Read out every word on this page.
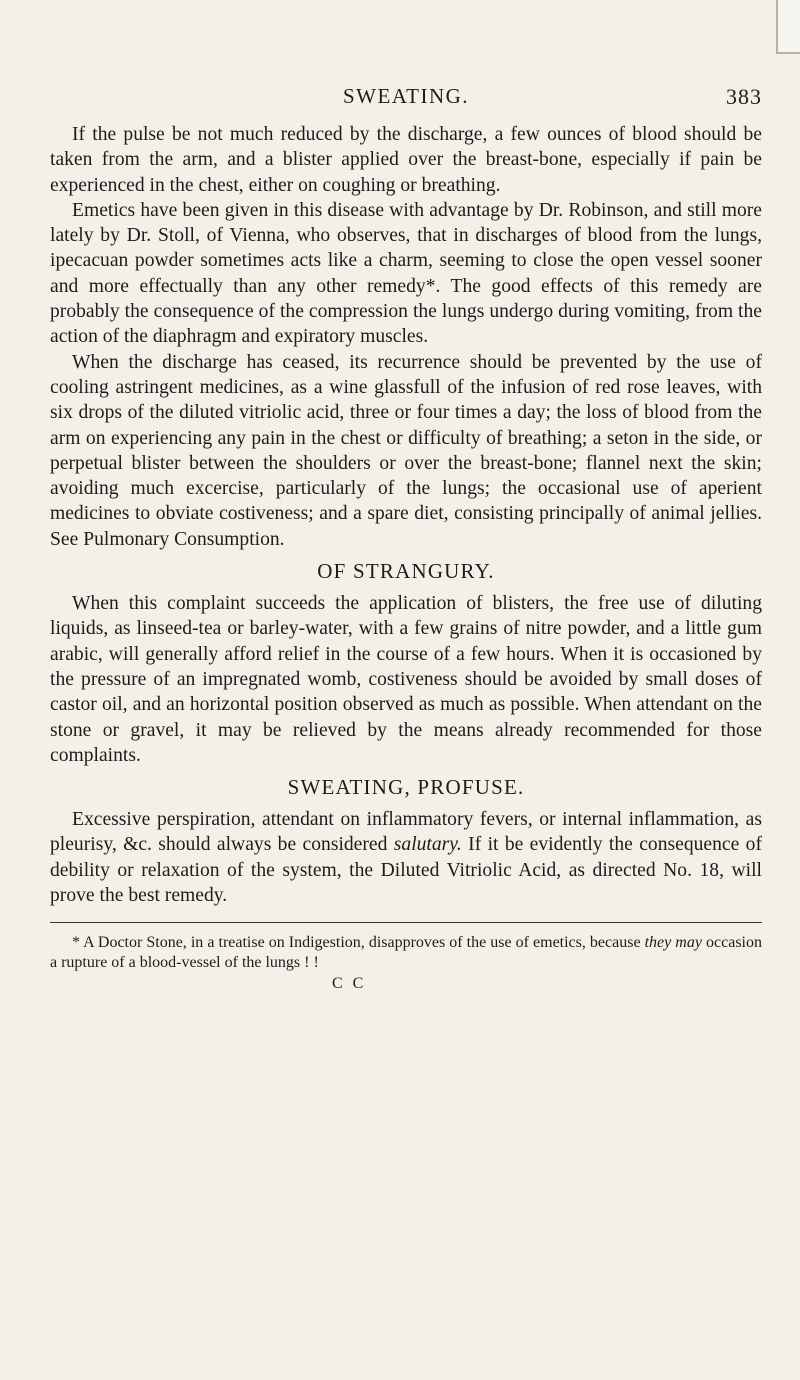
SWEATING.	383

If the pulse be not much reduced by the discharge, a few ounces of blood should be taken from the arm, and a blister applied over the breast-bone, especially if pain be experienced in the chest, either on coughing or breathing.

Emetics have been given in this disease with advantage by Dr. Robinson, and still more lately by Dr. Stoll, of Vienna, who observes, that in discharges of blood from the lungs, ipecacuan powder sometimes acts like a charm, seeming to close the open vessel sooner and more effectually than any other remedy*. The good effects of this remedy are probably the consequence of the compression the lungs undergo during vomiting, from the action of the diaphragm and expiratory muscles.

When the discharge has ceased, its recurrence should be prevented by the use of cooling astringent medicines, as a wine glassfull of the infusion of red rose leaves, with six drops of the diluted vitriolic acid, three or four times a day; the loss of blood from the arm on experiencing any pain in the chest or difficulty of breathing; a seton in the side, or perpetual blister between the shoulders or over the breast-bone; flannel next the skin; avoiding much excercise, particularly of the lungs; the occasional use of aperient medicines to obviate costiveness; and a spare diet, consisting principally of animal jellies. See Pulmonary Consumption.

OF STRANGURY.

When this complaint succeeds the application of blisters, the free use of diluting liquids, as linseed-tea or barley-water, with a few grains of nitre powder, and a little gum arabic, will generally afford relief in the course of a few hours. When it is occasioned by the pressure of an impregnated womb, costiveness should be avoided by small doses of castor oil, and an horizontal position observed as much as possible. When attendant on the stone or gravel, it may be relieved by the means already recommended for those complaints.

SWEATING, PROFUSE.

Excessive perspiration, attendant on inflammatory fevers, or internal inflammation, as pleurisy, &c. should always be considered salutary. If it be evidently the consequence of debility or relaxation of the system, the Diluted Vitriolic Acid, as directed No. 18, will prove the best remedy.

* A Doctor Stone, in a treatise on Indigestion, disapproves of the use of emetics, because they may occasion a rupture of a blood-vessel of the lungs ! !

C C
